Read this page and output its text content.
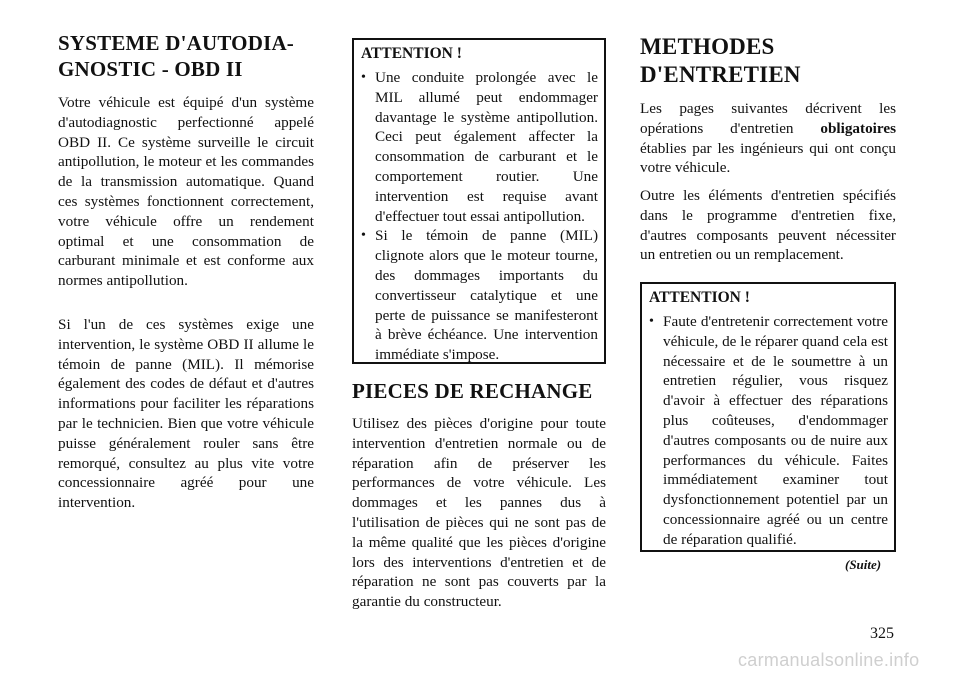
SYSTEME D'AUTODIA-
GNOSTIC - OBD II

Votre véhicule est équipé d'un système d'autodiagnostic perfectionné appelé OBD II. Ce système surveille le circuit antipollution, le moteur et les commandes de la transmission automatique. Quand ces systèmes fonctionnent correctement, votre véhicule offre un rendement optimal et une consommation de carburant minimale et est conforme aux normes antipollution.

Si l'un de ces systèmes exige une intervention, le système OBD II allume le témoin de panne (MIL). Il mémorise également des codes de défaut et d'autres informations pour faciliter les réparations par le technicien. Bien que votre véhicule puisse généralement rouler sans être remorqué, consultez au plus vite votre concessionnaire agréé pour une intervention.

ATTENTION !
• Une conduite prolongée avec le MIL allumé peut endommager davantage le système antipollution. Ceci peut également affecter la consommation de carburant et le comportement routier. Une intervention est requise avant d'effectuer tout essai antipollution.
• Si le témoin de panne (MIL) clignote alors que le moteur tourne, des dommages importants du convertisseur catalytique et une perte de puissance se manifesteront à brève échéance. Une intervention immédiate s'impose.
PIECES DE RECHANGE

Utilisez des pièces d'origine pour toute intervention d'entretien normale ou de réparation afin de préserver les performances de votre véhicule. Les dommages et les pannes dus à l'utilisation de pièces qui ne sont pas de la même qualité que les pièces d'origine lors des interventions d'entretien et de réparation ne sont pas couverts par la garantie du constructeur.

METHODES
D'ENTRETIEN

Les pages suivantes décrivent les opérations d'entretien obligatoires établies par les ingénieurs qui ont conçu votre véhicule.

Outre les éléments d'entretien spécifiés dans le programme d'entretien fixe, d'autres composants peuvent nécessiter un entretien ou un remplacement.

ATTENTION !
• Faute d'entretenir correctement votre véhicule, de le réparer quand cela est nécessaire et de le soumettre à un entretien régulier, vous risquez d'avoir à effectuer des réparations plus coûteuses, d'endommager d'autres composants ou de nuire aux performances du véhicule. Faites immédiatement examiner tout dysfonctionnement potentiel par un concessionnaire agréé ou un centre de réparation qualifié.
(Suite)
325
carmanualsonline.info
